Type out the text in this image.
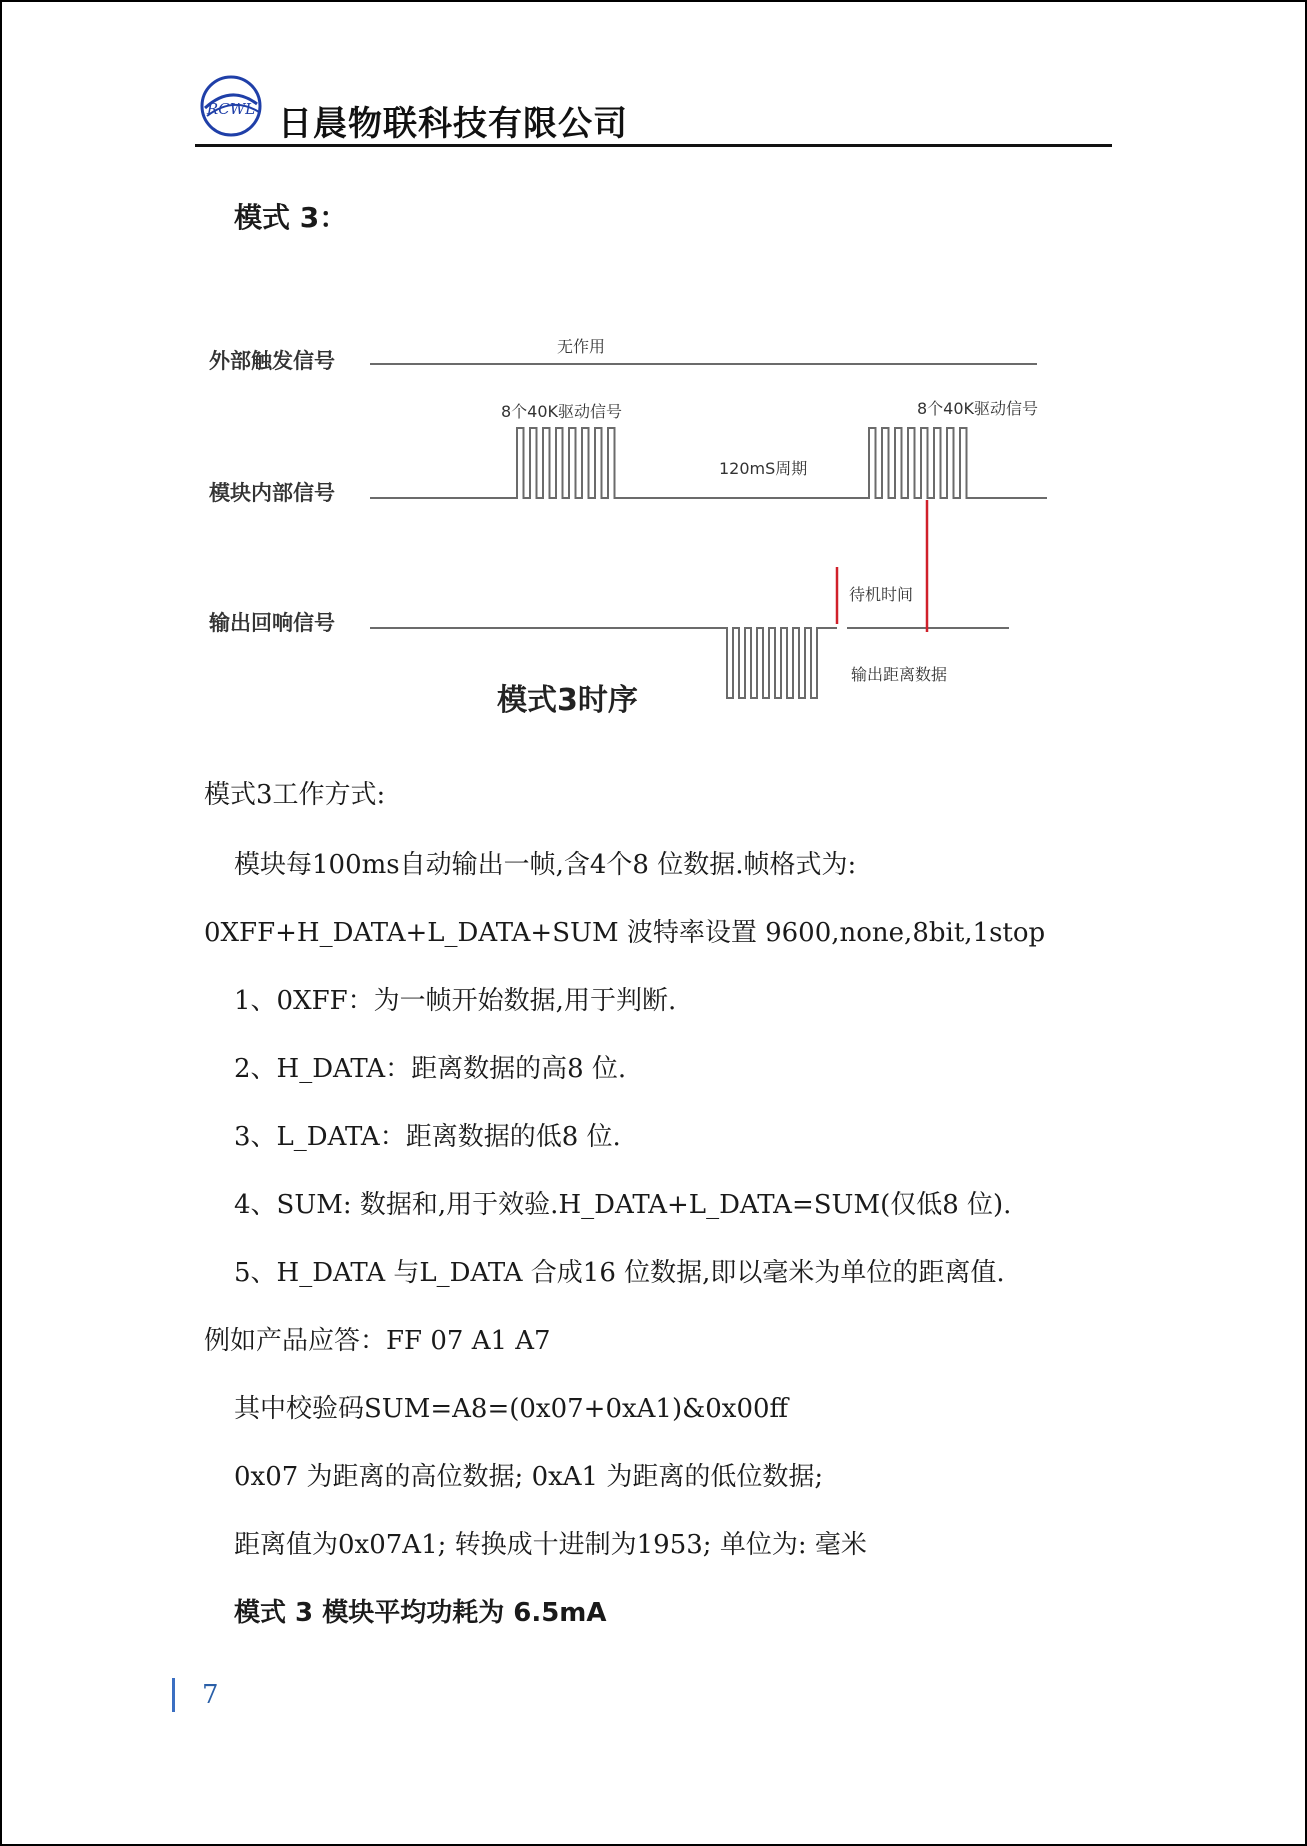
RCWL 日晨物联科技有限公司
模式 3：
外部触发信号
模块内部信号
输出回响信号
无作用
8个40K驱动信号	8个40K驱动信号
120mS周期
待机时间
输出距离数据
模式3时序
模式3工作方式:
模块每100ms自动输出一帧,含4个8 位数据.帧格式为:
0XFF+H_DATA+L_DATA+SUM 波特率设置 9600,none,8bit,1stop
1、0XFF：为一帧开始数据,用于判断.
2、H_DATA：距离数据的高8 位.
3、L_DATA：距离数据的低8 位.
4、SUM: 数据和,用于效验.H_DATA+L_DATA=SUM(仅低8 位).
5、H_DATA 与L_DATA 合成16 位数据,即以毫米为单位的距离值.
例如产品应答：FF 07 A1 A7
其中校验码SUM=A8=(0x07+0xA1)&0x00ff
0x07 为距离的高位数据; 0xA1 为距离的低位数据;
距离值为0x07A1; 转换成十进制为1953; 单位为: 毫米
模式 3 模块平均功耗为 6.5mA
7
